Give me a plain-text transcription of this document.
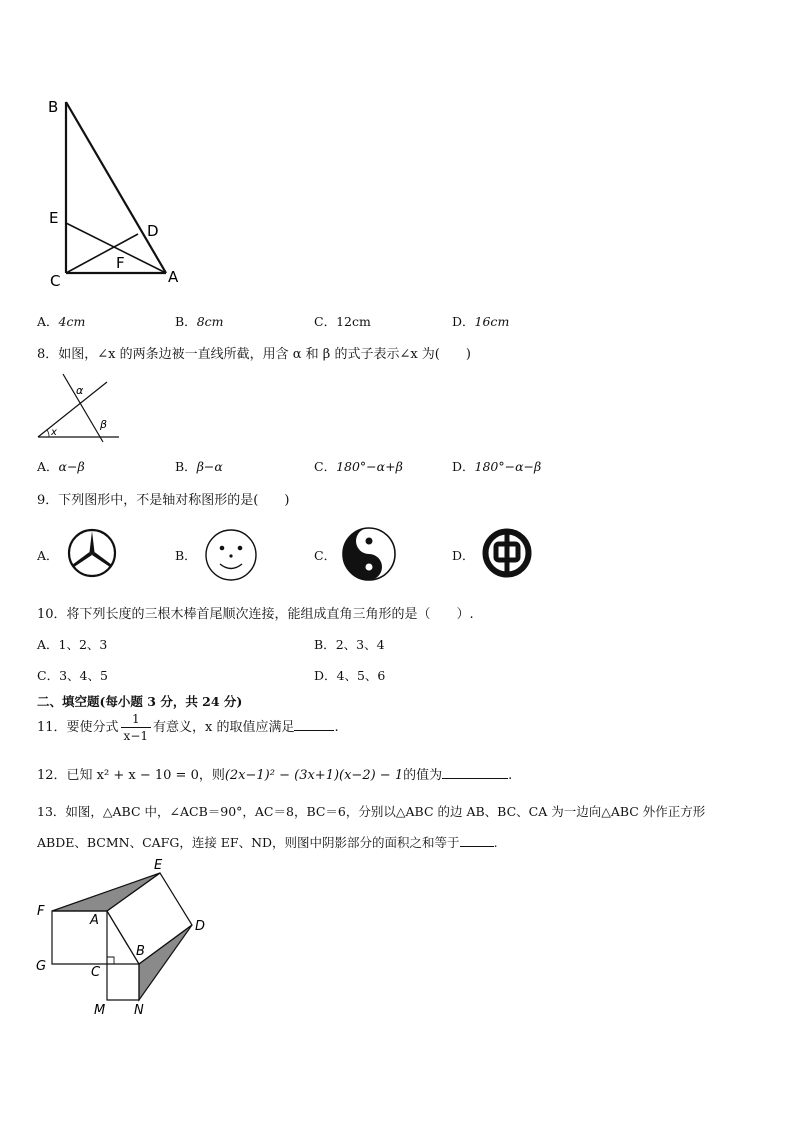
B
E
D
F
C	A
A．4cm	B．8cm	C．12cm	D．16cm
8．如图，∠x 的两条边被一直线所截，用含 α 和 β 的式子表示∠x 为(　　)
α
β
x
A．α−β	B．β−α	C．180°−α+β	D．180°−α−β
9．下列图形中，不是轴对称图形的是(　　)
A．	B．	C．	D．
10．将下列长度的三根木棒首尾顺次连接，能组成直角三角形的是（　　）.
A．1、2、3	B．2、3、4
C．3、4、5	D．4、5、6
二、填空题(每小题 3 分，共 24 分)
11．要使分式 $\frac{1}{x-1}$ 有意义，x 的取值应满足	.
12．已知 x² + x − 10 = 0，则(2x−1)² − (3x+1)(x−2) − 1的值为	.
13．如图，△ABC 中，∠ACB＝90°，AC＝8，BC＝6，分别以△ABC 的边 AB、BC、CA 为一边向△ABC 外作正方形
ABDE、BCMN、CAFG，连接 EF、ND，则图中阴影部分的面积之和等于	.
E
F
A	D
B
G	C
M N
